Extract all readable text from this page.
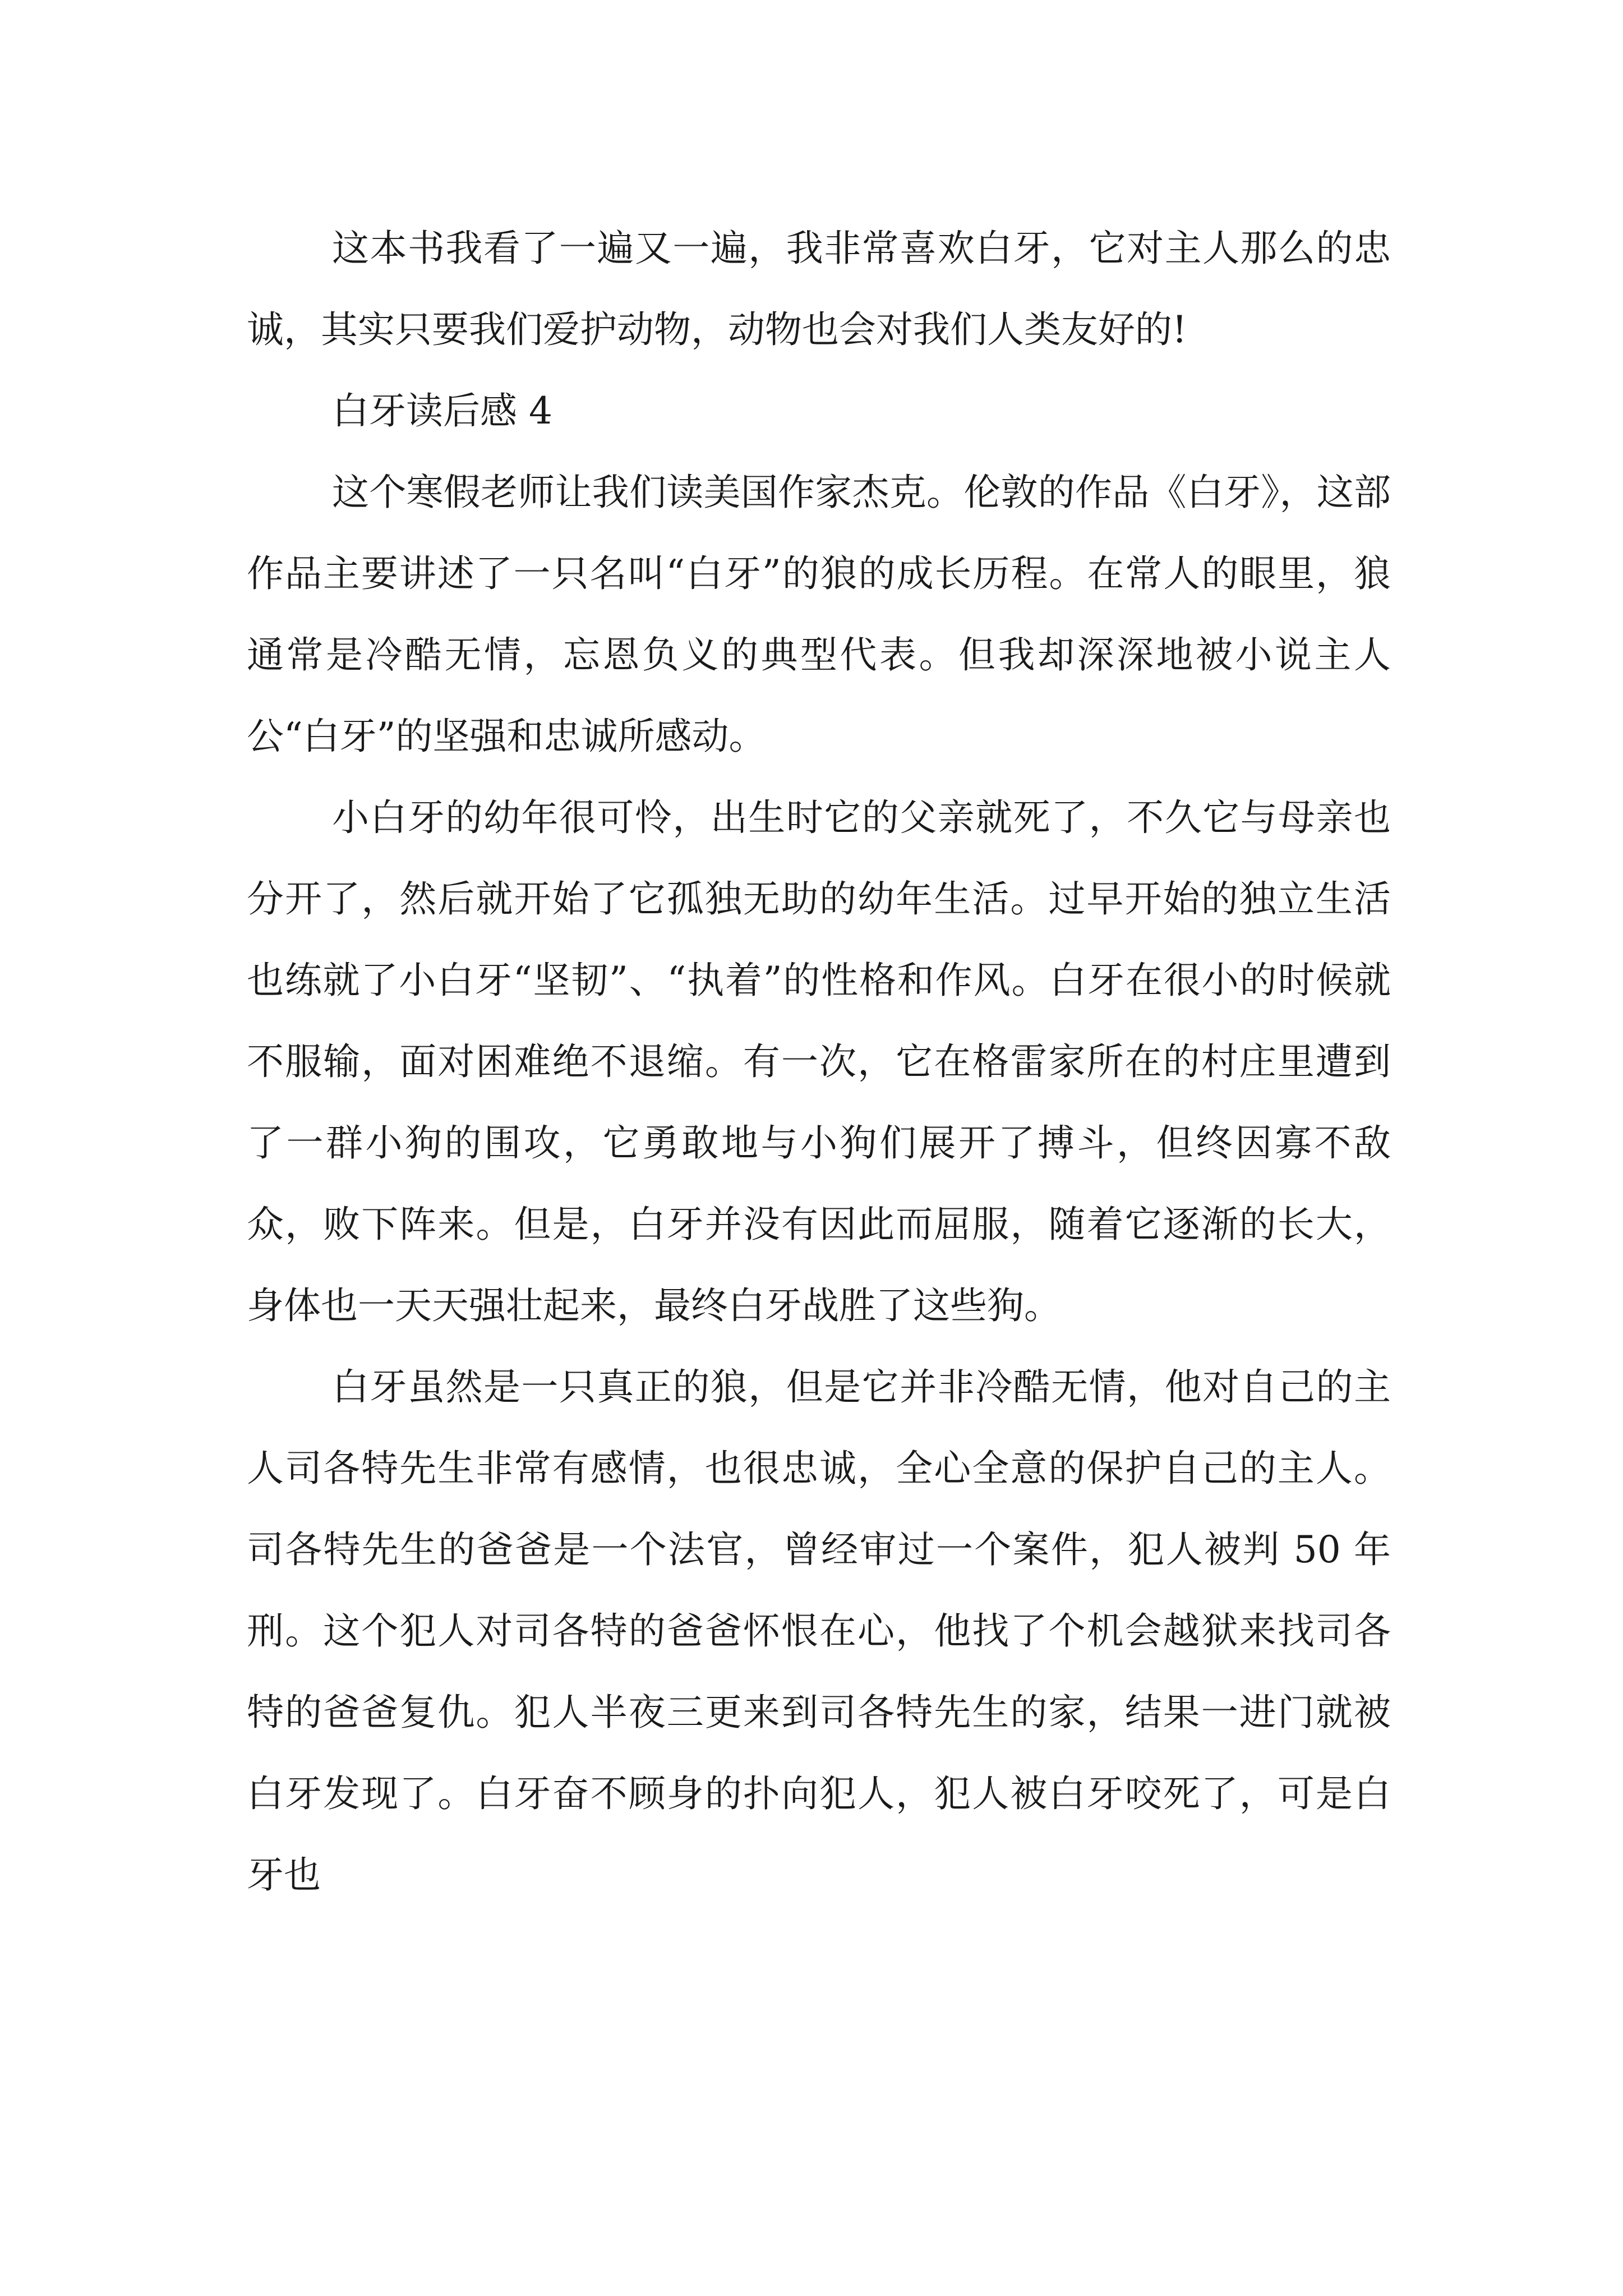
这本书我看了一遍又一遍，我非常喜欢白牙，它对主人那么的忠诚，其实只要我们爱护动物，动物也会对我们人类友好的!

白牙读后感 4

这个寒假老师让我们读美国作家杰克。伦敦的作品《白牙》，这部作品主要讲述了一只名叫“白牙”的狼的成长历程。在常人的眼里，狼通常是冷酷无情，忘恩负义的典型代表。但我却深深地被小说主人公“白牙”的坚强和忠诚所感动。

小白牙的幼年很可怜，出生时它的父亲就死了，不久它与母亲也分开了，然后就开始了它孤独无助的幼年生活。过早开始的独立生活也练就了小白牙“坚韧”、“执着”的性格和作风。白牙在很小的时候就不服输，面对困难绝不退缩。有一次，它在格雷家所在的村庄里遭到了一群小狗的围攻，它勇敢地与小狗们展开了搏斗，但终因寡不敌众，败下阵来。但是，白牙并没有因此而屈服，随着它逐渐的长大，身体也一天天强壮起来，最终白牙战胜了这些狗。

白牙虽然是一只真正的狼，但是它并非冷酷无情，他对自己的主人司各特先生非常有感情，也很忠诚，全心全意的保护自己的主人。司各特先生的爸爸是一个法官，曾经审过一个案件，犯人被判 50 年刑。这个犯人对司各特的爸爸怀恨在心，他找了个机会越狱来找司各特的爸爸复仇。犯人半夜三更来到司各特先生的家，结果一进门就被白牙发现了。白牙奋不顾身的扑向犯人，犯人被白牙咬死了，可是白牙也
